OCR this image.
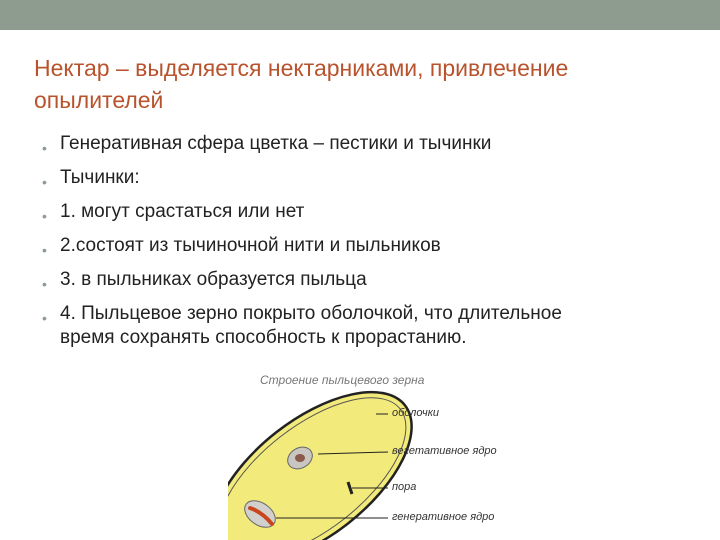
Нектар – выделяется нектарниками, привлечение опылителей
• Генеративная сфера цветка – пестики и тычинки
• Тычинки:
• 1. могут срастаться или нет
• 2.состоят из тычиночной нити и пыльников
• 3. в пыльниках образуется пыльца
• 4. Пыльцевое зерно покрыто оболочкой, что длительное время сохранять способность к прорастанию.
Строение пыльцевого зерна
оболочки
вегетативное ядро
пора
генеративное ядро
